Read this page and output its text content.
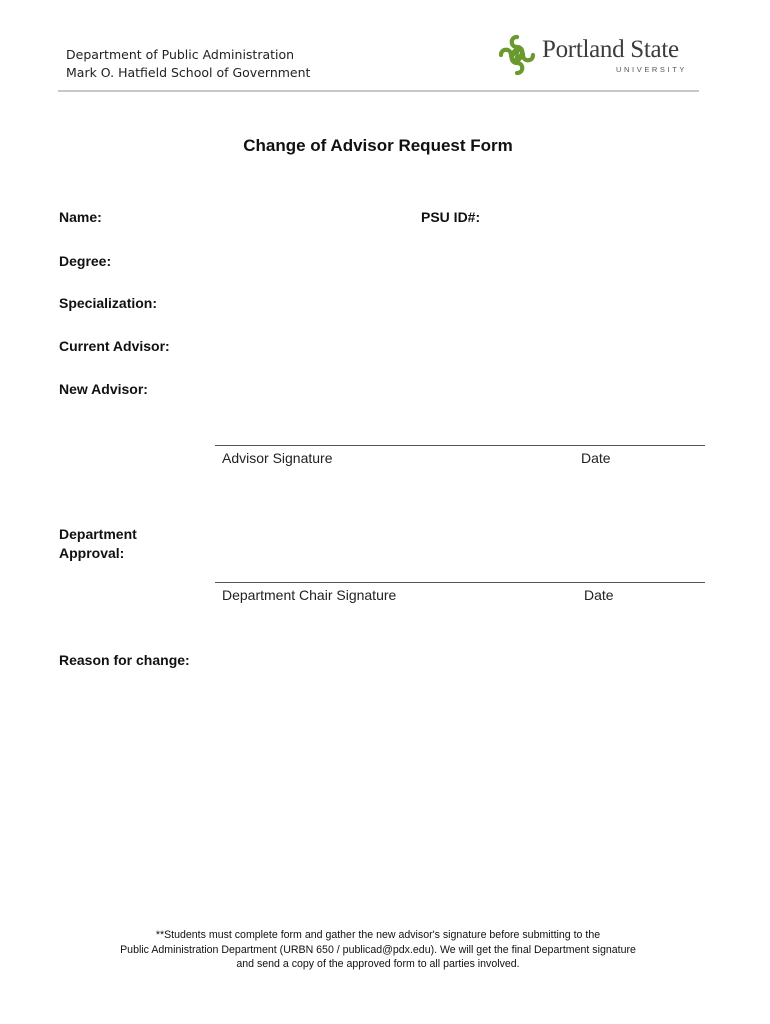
Department of Public Administration
Mark O. Hatfield School of Government
Portland State
UNIVERSITY
Change of Advisor Request Form
Name:	PSU ID#:
Degree:
Specialization:
Current Advisor:
New Advisor:
Advisor Signature	Date
Department
Approval:
Department Chair Signature	Date
Reason for change:
**Students must complete form and gather the new advisor's signature before submitting to the
Public Administration Department (URBN 650 / publicad@pdx.edu). We will get the final Department signature
and send a copy of the approved form to all parties involved.
